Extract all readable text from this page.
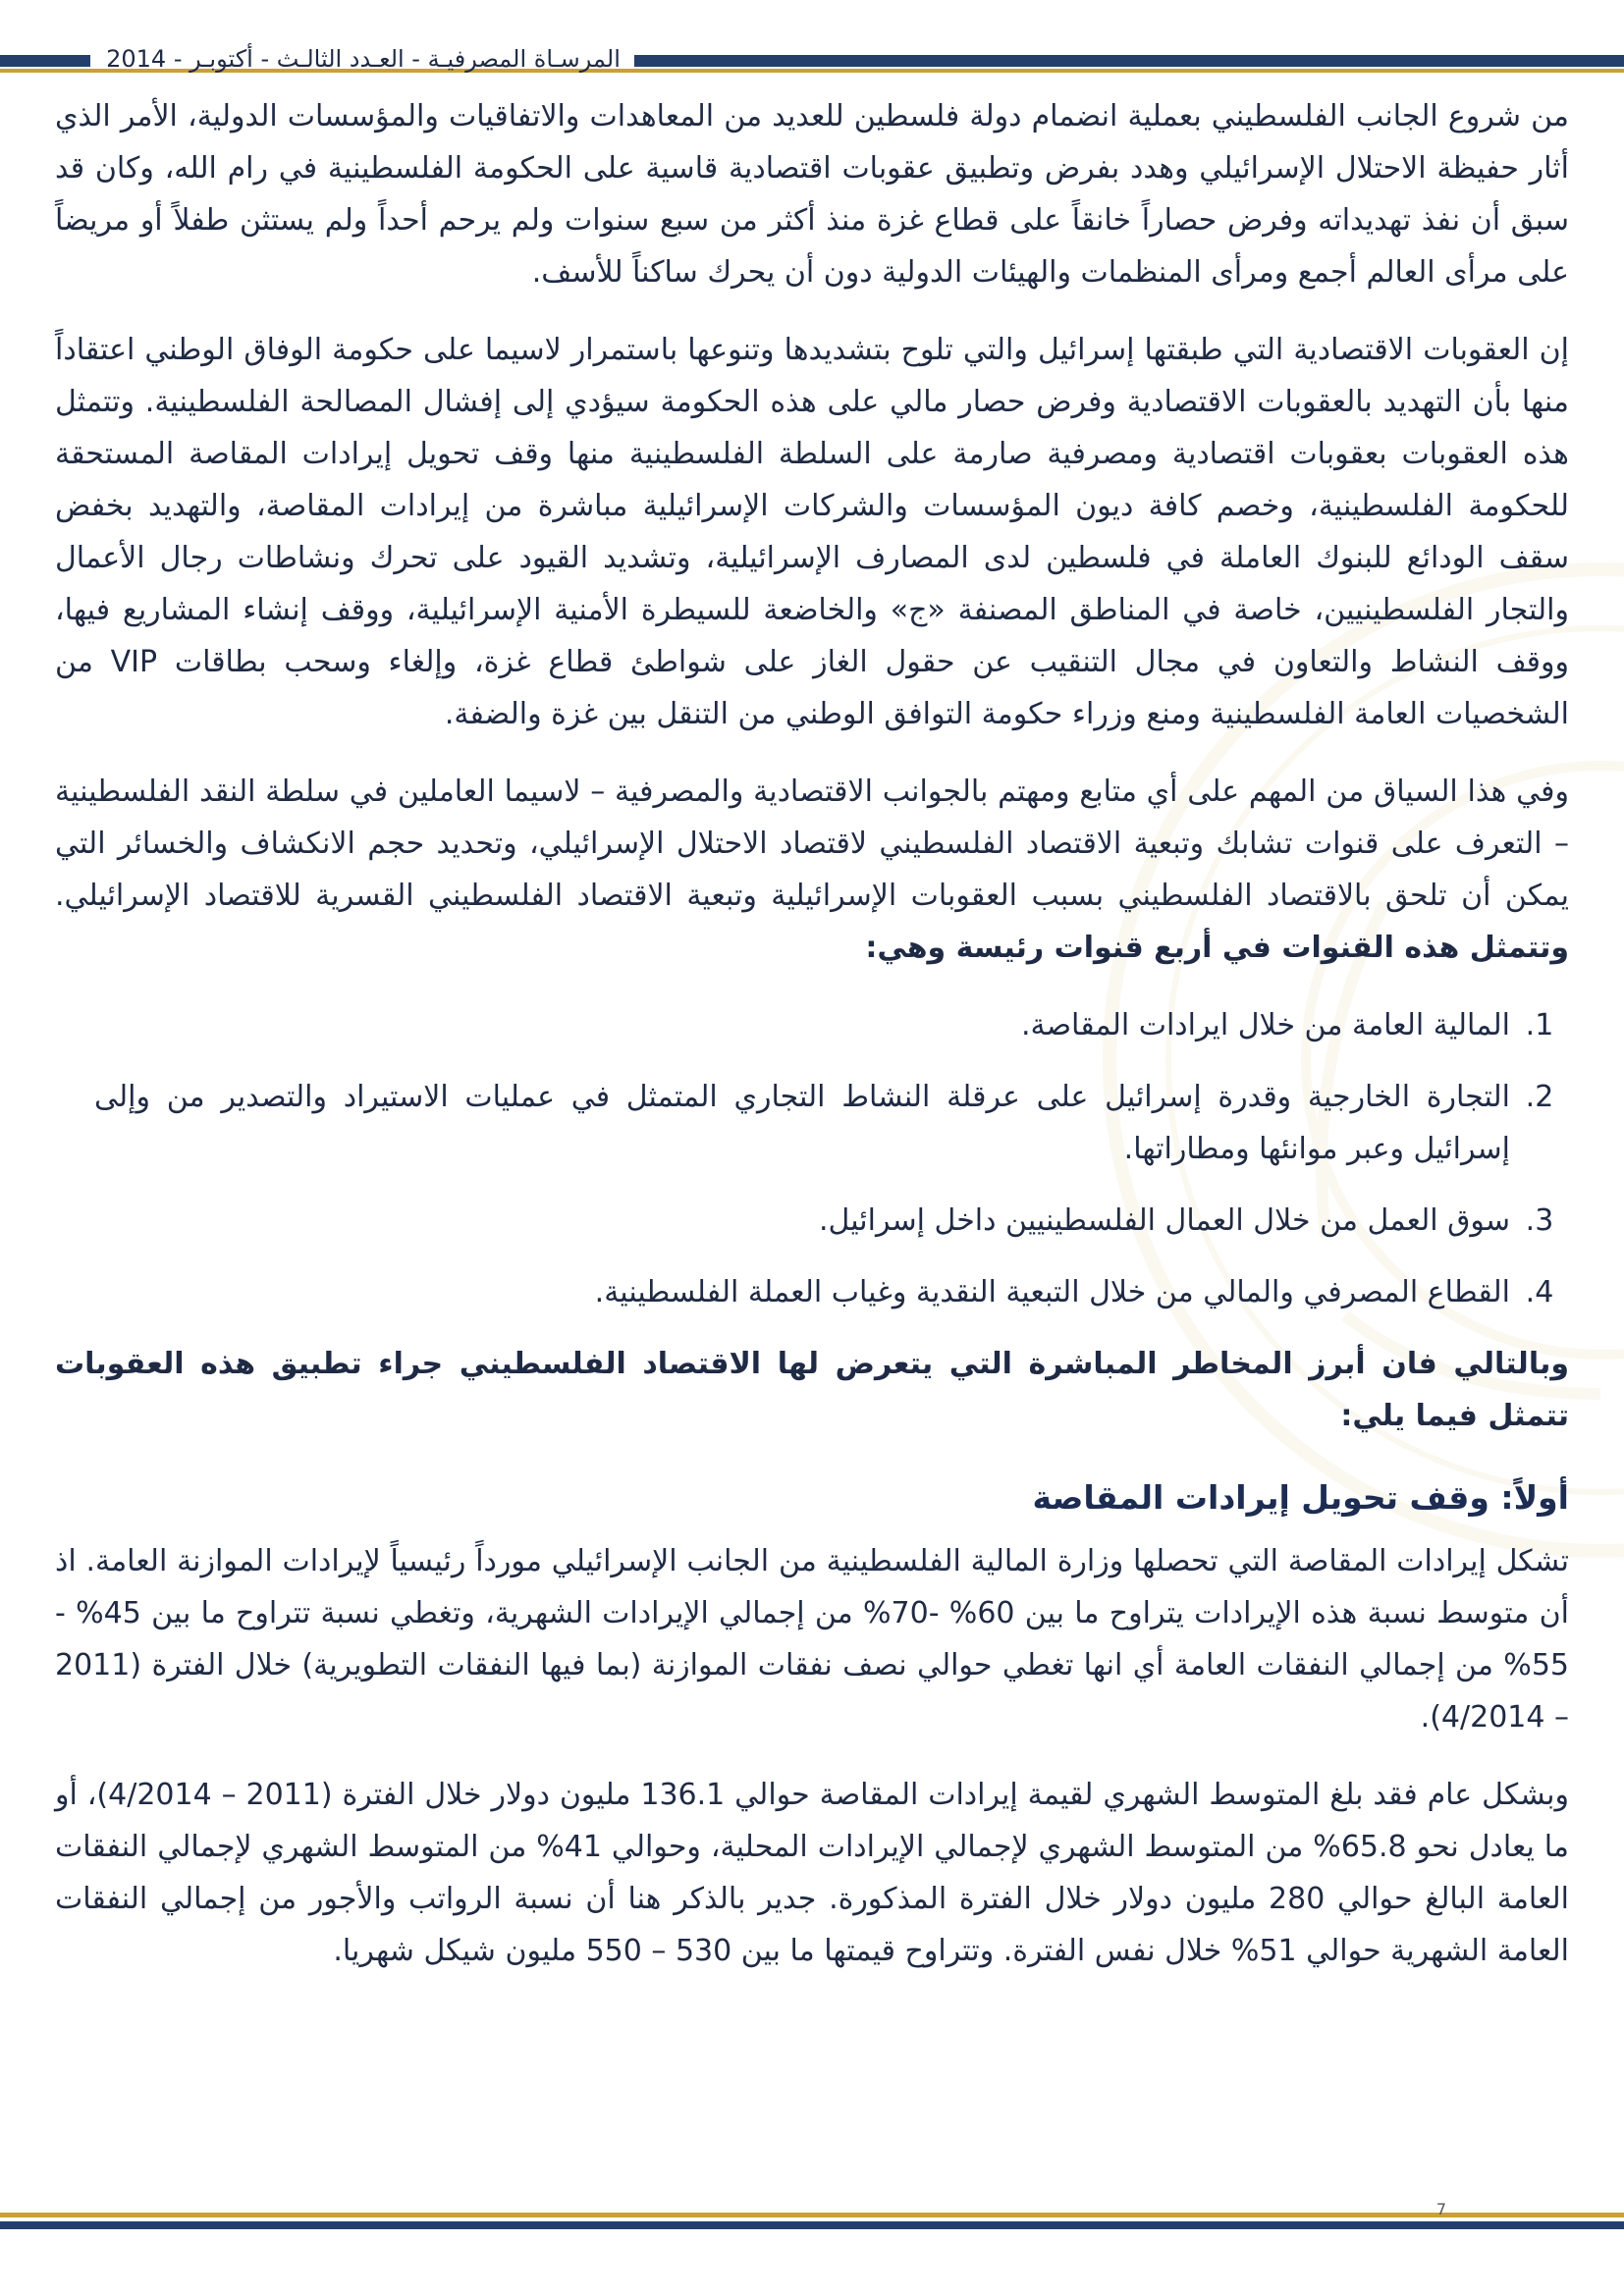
المرسـاة المصرفيـة - العـدد الثالـث - أكتوبـر - 2014

من شروع الجانب الفلسطيني بعملية انضمام دولة فلسطين للعديد من المعاهدات والاتفاقيات والمؤسسات الدولية، الأمر الذي أثار حفيظة الاحتلال الإسرائيلي وهدد بفرض وتطبيق عقوبات اقتصادية قاسية على الحكومة الفلسطينية في رام الله، وكان قد سبق أن نفذ تهديداته وفرض حصاراً خانقاً على قطاع غزة منذ أكثر من سبع سنوات ولم يرحم أحداً ولم يستثن طفلاً أو مريضاً على مرأى العالم أجمع ومرأى المنظمات والهيئات الدولية دون أن يحرك ساكناً للأسف.

إن العقوبات الاقتصادية التي طبقتها إسرائيل والتي تلوح بتشديدها وتنوعها باستمرار لاسيما على حكومة الوفاق الوطني اعتقاداً منها بأن التهديد بالعقوبات الاقتصادية وفرض حصار مالي على هذه الحكومة سيؤدي إلى إفشال المصالحة الفلسطينية. وتتمثل هذه العقوبات بعقوبات اقتصادية ومصرفية صارمة على السلطة الفلسطينية منها وقف تحويل إيرادات المقاصة المستحقة للحكومة الفلسطينية، وخصم كافة ديون المؤسسات والشركات الإسرائيلية مباشرة من إيرادات المقاصة، والتهديد بخفض سقف الودائع للبنوك العاملة في فلسطين لدى المصارف الإسرائيلية، وتشديد القيود على تحرك ونشاطات رجال الأعمال والتجار الفلسطينيين، خاصة في المناطق المصنفة «ج» والخاضعة للسيطرة الأمنية الإسرائيلية، ووقف إنشاء المشاريع فيها، ووقف النشاط والتعاون في مجال التنقيب عن حقول الغاز على شواطئ قطاع غزة، وإلغاء وسحب بطاقات VIP من الشخصيات العامة الفلسطينية ومنع وزراء حكومة التوافق الوطني من التنقل بين غزة والضفة.

وفي هذا السياق من المهم على أي متابع ومهتم بالجوانب الاقتصادية والمصرفية – لاسيما العاملين في سلطة النقد الفلسطينية – التعرف على قنوات تشابك وتبعية الاقتصاد الفلسطيني لاقتصاد الاحتلال الإسرائيلي، وتحديد حجم الانكشاف والخسائر التي يمكن أن تلحق بالاقتصاد الفلسطيني بسبب العقوبات الإسرائيلية وتبعية الاقتصاد الفلسطيني القسرية للاقتصاد الإسرائيلي. وتتمثل هذه القنوات في أربع قنوات رئيسة وهي:

1.
المالية العامة من خلال ايرادات المقاصة.
2.
التجارة الخارجية وقدرة إسرائيل على عرقلة النشاط التجاري المتمثل في عمليات الاستيراد والتصدير من وإلى إسرائيل وعبر موانئها ومطاراتها.
3.
سوق العمل من خلال العمال الفلسطينيين داخل إسرائيل.
4.
القطاع المصرفي والمالي من خلال التبعية النقدية وغياب العملة الفلسطينية.

وبالتالي فان أبرز المخاطر المباشرة التي يتعرض لها الاقتصاد الفلسطيني جراء تطبيق هذه العقوبات تتمثل فيما يلي:

أولاً: وقف تحويل إيرادات المقاصة

تشكل إيرادات المقاصة التي تحصلها وزارة المالية الفلسطينية من الجانب الإسرائيلي مورداً رئيسياً لإيرادات الموازنة العامة. اذ أن متوسط نسبة هذه الإيرادات يتراوح ما بين 60% -70% من إجمالي الإيرادات الشهرية، وتغطي نسبة تتراوح ما بين 45% - 55% من إجمالي النفقات العامة أي انها تغطي حوالي نصف نفقات الموازنة (بما فيها النفقات التطويرية) خلال الفترة (2011 – 4/2014).

وبشكل عام فقد بلغ المتوسط الشهري لقيمة إيرادات المقاصة حوالي 136.1 مليون دولار خلال الفترة (2011 – 4/2014)، أو ما يعادل نحو 65.8% من المتوسط الشهري لإجمالي الإيرادات المحلية، وحوالي 41% من المتوسط الشهري لإجمالي النفقات العامة البالغ حوالي 280 مليون دولار خلال الفترة المذكورة. جدير بالذكر هنا أن نسبة الرواتب والأجور من إجمالي النفقات العامة الشهرية حوالي 51% خلال نفس الفترة. وتتراوح قيمتها ما بين 530 – 550 مليون شيكل شهريا.

7
